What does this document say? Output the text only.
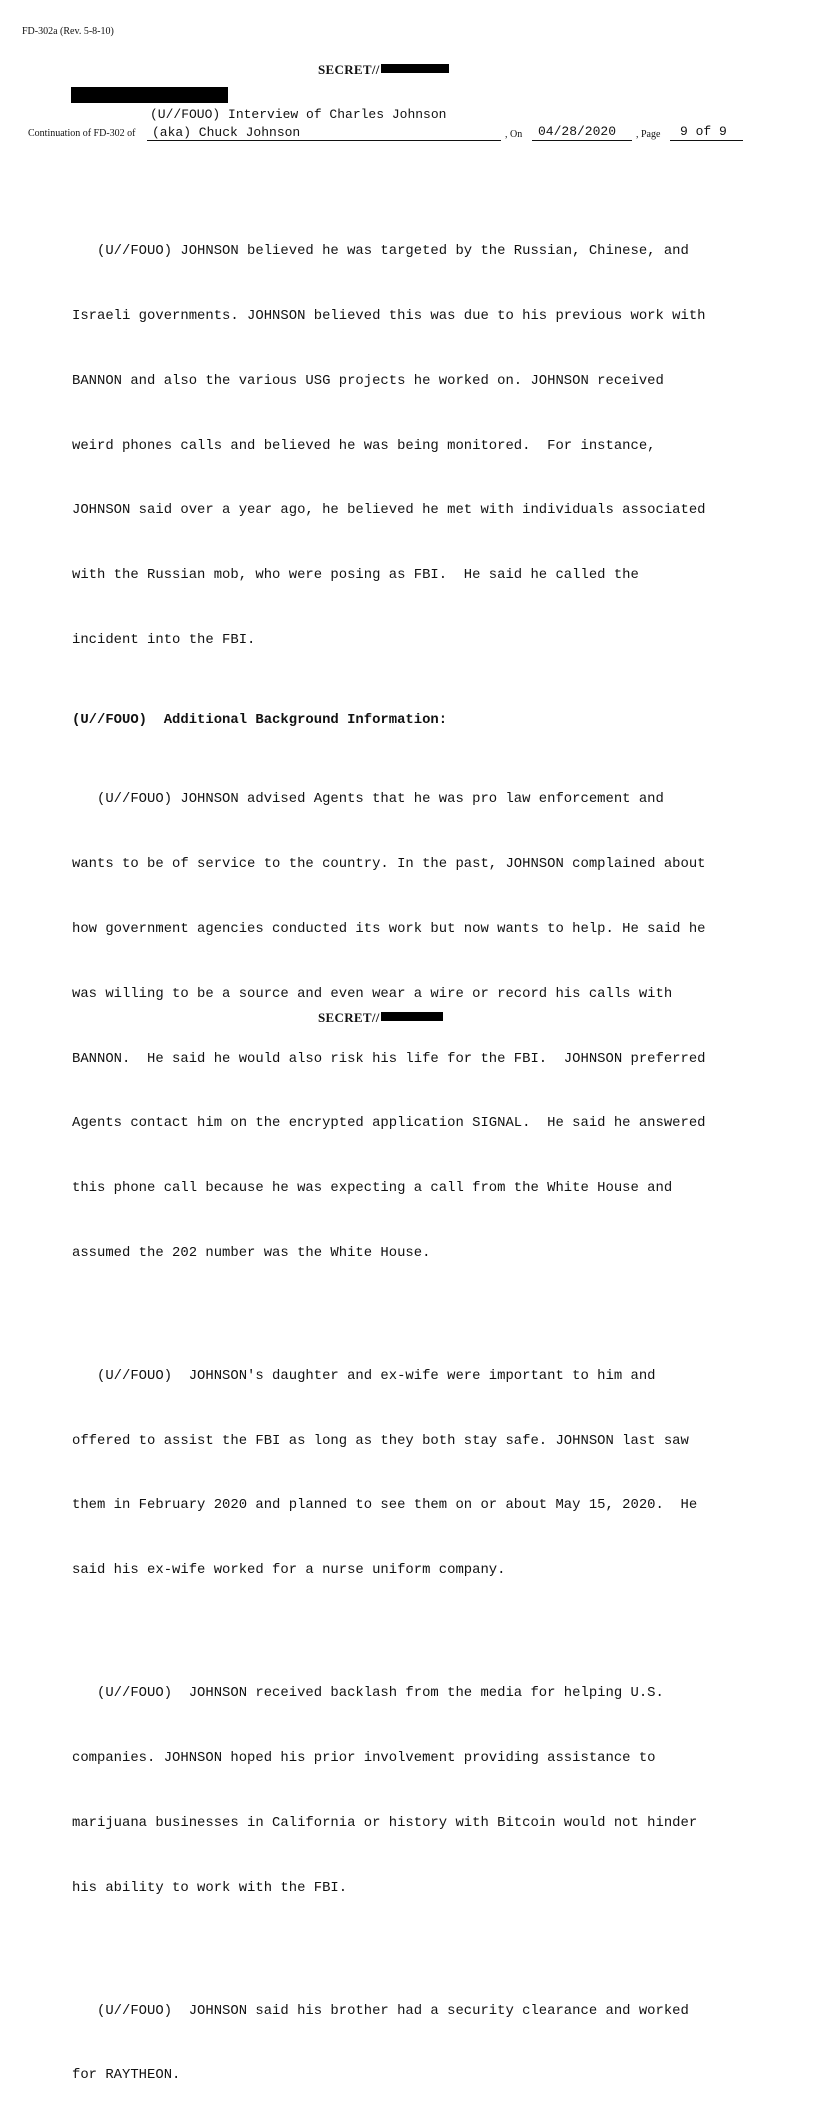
FD-302a (Rev. 5-8-10)
SECRET//
(U//FOUO) Interview of Charles Johnson
Continuation of FD-302 of (aka) Chuck Johnson	, On 04/28/2020 , Page 9 of 9

(U//FOUO) JOHNSON believed he was targeted by the Russian, Chinese, and

Israeli governments. JOHNSON believed this was due to his previous work with

BANNON and also the various USG projects he worked on. JOHNSON received

weird phones calls and believed he was being monitored.  For instance,

JOHNSON said over a year ago, he believed he met with individuals associated

with the Russian mob, who were posing as FBI.  He said he called the

incident into the FBI.

(U//FOUO)  Additional Background Information:

(U//FOUO) JOHNSON advised Agents that he was pro law enforcement and

wants to be of service to the country. In the past, JOHNSON complained about

how government agencies conducted its work but now wants to help. He said he

was willing to be a source and even wear a wire or record his calls with

BANNON.  He said he would also risk his life for the FBI.  JOHNSON preferred

Agents contact him on the encrypted application SIGNAL.  He said he answered

this phone call because he was expecting a call from the White House and

assumed the 202 number was the White House.

(U//FOUO)  JOHNSON's daughter and ex-wife were important to him and

offered to assist the FBI as long as they both stay safe. JOHNSON last saw

them in February 2020 and planned to see them on or about May 15, 2020.  He

said his ex-wife worked for a nurse uniform company.

(U//FOUO)  JOHNSON received backlash from the media for helping U.S.

companies. JOHNSON hoped his prior involvement providing assistance to

marijuana businesses in California or history with Bitcoin would not hinder

his ability to work with the FBI.

(U//FOUO)  JOHNSON said his brother had a security clearance and worked

for RAYTHEON.

SECRET//
